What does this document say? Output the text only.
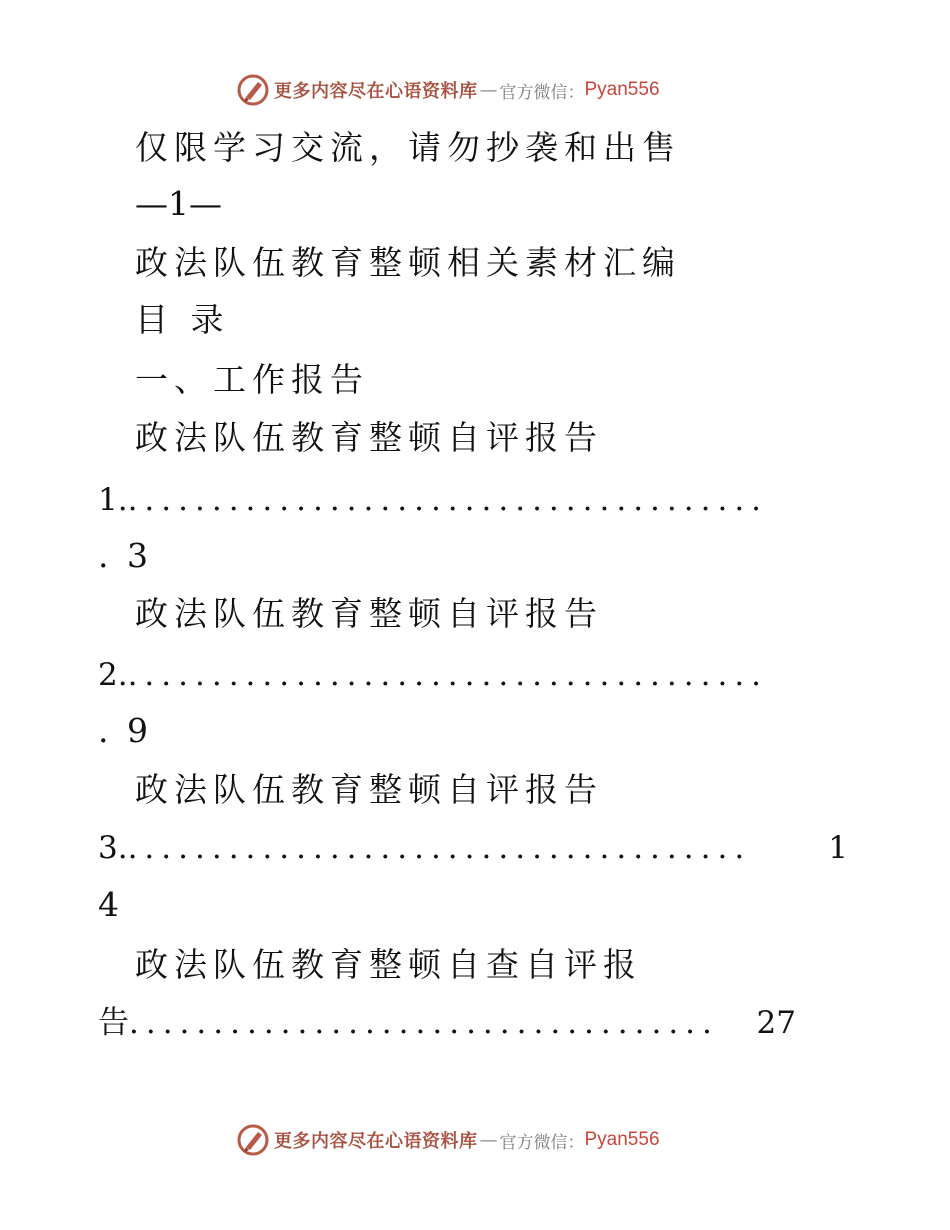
更多内容尽在心语资料库 — 官方微信： Pyan556
仅限学习交流，请勿抄袭和出售
—1—
政法队伍教育整顿相关素材汇编
目 录
一、工作报告
政法队伍教育整顿自评报告
1. ......................................
. 3
政法队伍教育整顿自评报告
2. ......................................
. 9
政法队伍教育整顿自评报告
3. .....................................	1
4
政法队伍教育整顿自查自评报
告 ...................................	27
更多内容尽在心语资料库 — 官方微信： Pyan556
